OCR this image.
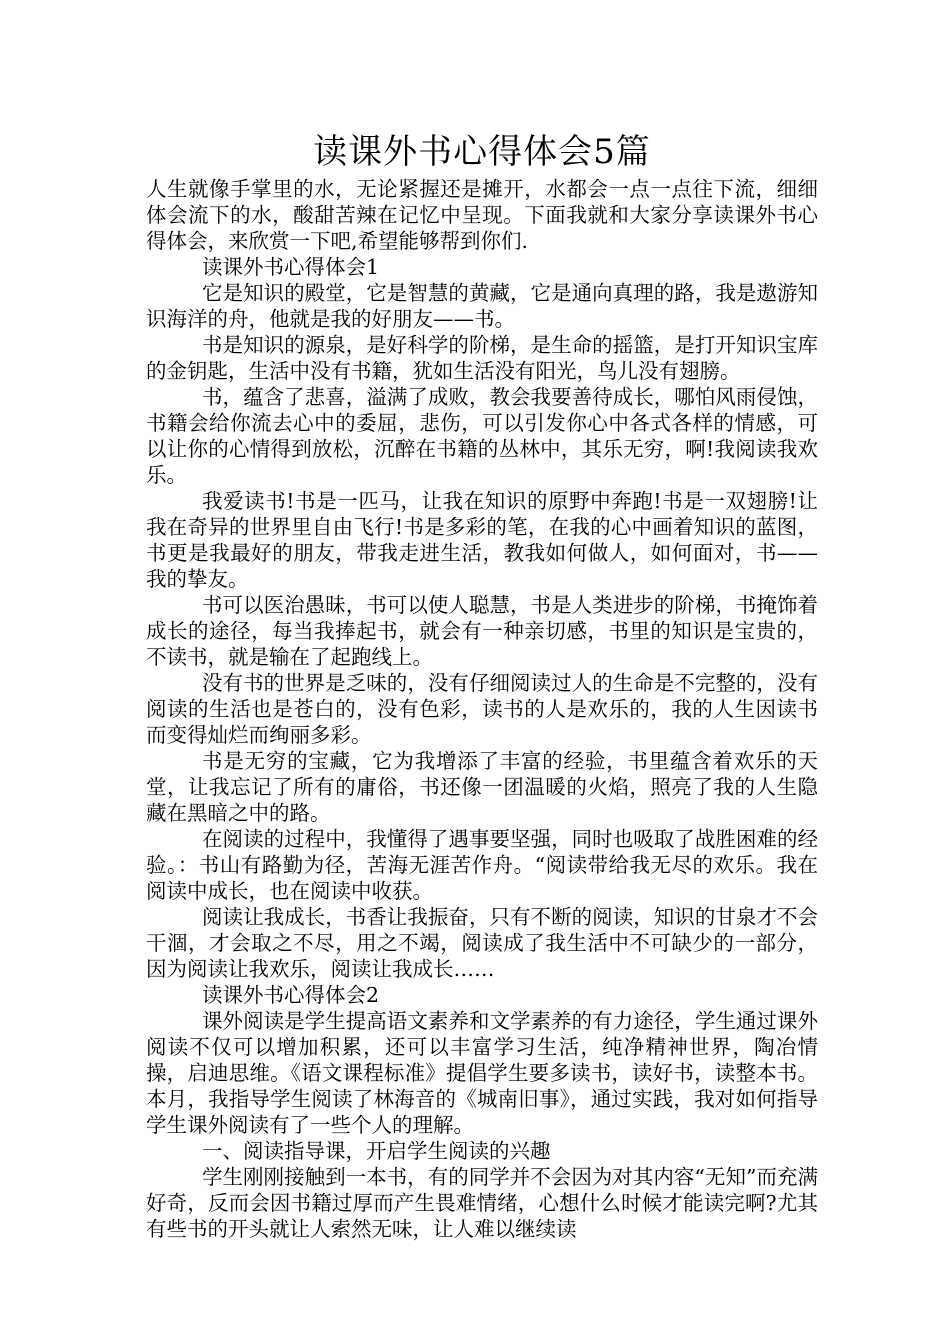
读课外书心得体会5篇

人生就像手掌里的水，无论紧握还是摊开，水都会一点一点往下流，细细体会流下的水，酸甜苦辣在记忆中呈现。下面我就和大家分享读课外书心得体会，来欣赏一下吧,希望能够帮到你们.

读课外书心得体会1

它是知识的殿堂，它是智慧的黄藏，它是通向真理的路，我是遨游知识海洋的舟，他就是我的好朋友——书。

书是知识的源泉，是好科学的阶梯，是生命的摇篮，是打开知识宝库的金钥匙，生活中没有书籍，犹如生活没有阳光，鸟儿没有翅膀。

书，蕴含了悲喜，溢满了成败，教会我要善待成长，哪怕风雨侵蚀，书籍会给你流去心中的委屈，悲伤，可以引发你心中各式各样的情感，可以让你的心情得到放松，沉醉在书籍的丛林中，其乐无穷，啊!我阅读我欢乐。

我爱读书!书是一匹马，让我在知识的原野中奔跑!书是一双翅膀!让我在奇异的世界里自由飞行!书是多彩的笔，在我的心中画着知识的蓝图，书更是我最好的朋友，带我走进生活，教我如何做人，如何面对，书——我的挚友。

书可以医治愚昧，书可以使人聪慧，书是人类进步的阶梯，书掩饰着成长的途径，每当我捧起书，就会有一种亲切感，书里的知识是宝贵的，不读书，就是输在了起跑线上。

没有书的世界是乏味的，没有仔细阅读过人的生命是不完整的，没有阅读的生活也是苍白的，没有色彩，读书的人是欢乐的，我的人生因读书而变得灿烂而绚丽多彩。

书是无穷的宝藏，它为我增添了丰富的经验，书里蕴含着欢乐的天堂，让我忘记了所有的庸俗，书还像一团温暖的火焰，照亮了我的人生隐藏在黑暗之中的路。

在阅读的过程中，我懂得了遇事要坚强，同时也吸取了战胜困难的经验。：书山有路勤为径，苦海无涯苦作舟。“阅读带给我无尽的欢乐。我在阅读中成长，也在阅读中收获。

阅读让我成长，书香让我振奋，只有不断的阅读，知识的甘泉才不会干涸，才会取之不尽，用之不竭，阅读成了我生活中不可缺少的一部分，因为阅读让我欢乐，阅读让我成长……

读课外书心得体会2

课外阅读是学生提高语文素养和文学素养的有力途径，学生通过课外阅读不仅可以增加积累，还可以丰富学习生活，纯净精神世界，陶冶情操，启迪思维。《语文课程标准》提倡学生要多读书，读好书，读整本书。本月，我指导学生阅读了林海音的《城南旧事》，通过实践，我对如何指导学生课外阅读有了一些个人的理解。

一、阅读指导课，开启学生阅读的兴趣

学生刚刚接触到一本书，有的同学并不会因为对其内容“无知”而充满好奇，反而会因书籍过厚而产生畏难情绪，心想什么时候才能读完啊?尤其有些书的开头就让人索然无味，让人难以继续读
